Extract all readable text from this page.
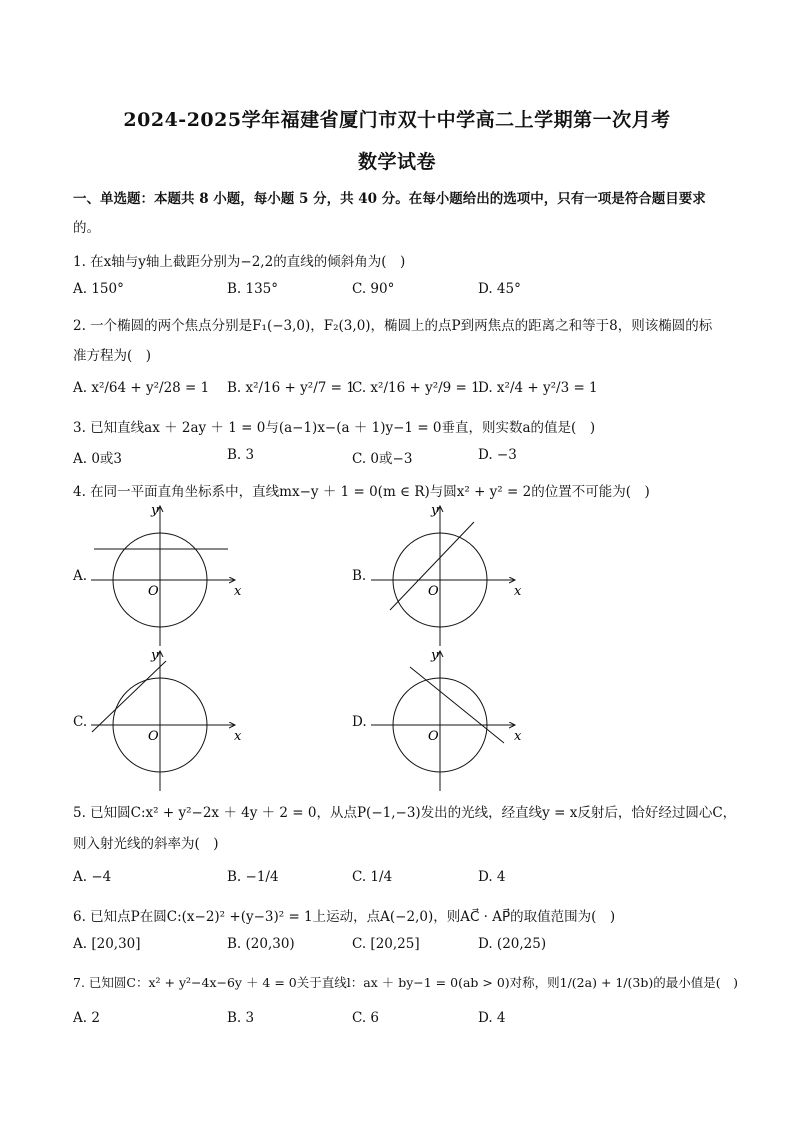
2024-2025学年福建省厦门市双十中学高二上学期第一次月考
数学试卷
一、单选题：本题共 8 小题，每小题 5 分，共 40 分。在每小题给出的选项中，只有一项是符合题目要求
的。
1. 在x轴与y轴上截距分别为−2,2的直线的倾斜角为(　)
A. 150°	B. 135°	C. 90°	D. 45°
2. 一个椭圆的两个焦点分别是F₁(−3,0)，F₂(3,0)，椭圆上的点P到两焦点的距离之和等于8，则该椭圆的标
准方程为(　)
A. x²/64 + y²/28 = 1 B. x²/16 + y²/7 = 1
C. x²/16 + y²/9 = 1
D. x²/4 + y²/3 = 1
3. 已知直线ax ＋ 2ay ＋ 1 = 0与(a−1)x−(a ＋ 1)y−1 = 0垂直，则实数a的值是(　)
A. 0或3	B. 3	C. 0或−3	D. −3
4. 在同一平面直角坐标系中，直线mx−y ＋ 1 = 0(m ∈ R)与圆x² + y² = 2的位置不可能为(　)
A.	B.
C.	D.
x
y
O	x
y
O
x
y
O	x
y
O
5. 已知圆C:x² + y²−2x ＋ 4y ＋ 2 = 0，从点P(−1,−3)发出的光线，经直线y = x反射后，恰好经过圆心C，
则入射光线的斜率为(　)
A. −4	B. −1/4	C. 1/4	D. 4
6. 已知点P在圆C:(x−2)² +(y−3)² = 1上运动，点A(−2,0)，则AC⃗ · AP⃗的取值范围为(　)
A. [20,30]	B. (20,30)	C. [20,25]	D. (20,25)
7. 已知圆C：x² + y²−4x−6y ＋ 4 = 0关于直线l：ax ＋ by−1 = 0(ab > 0)对称，则1/(2a) + 1/(3b)的最小值是(　)
A. 2	B. 3	C. 6	D. 4
